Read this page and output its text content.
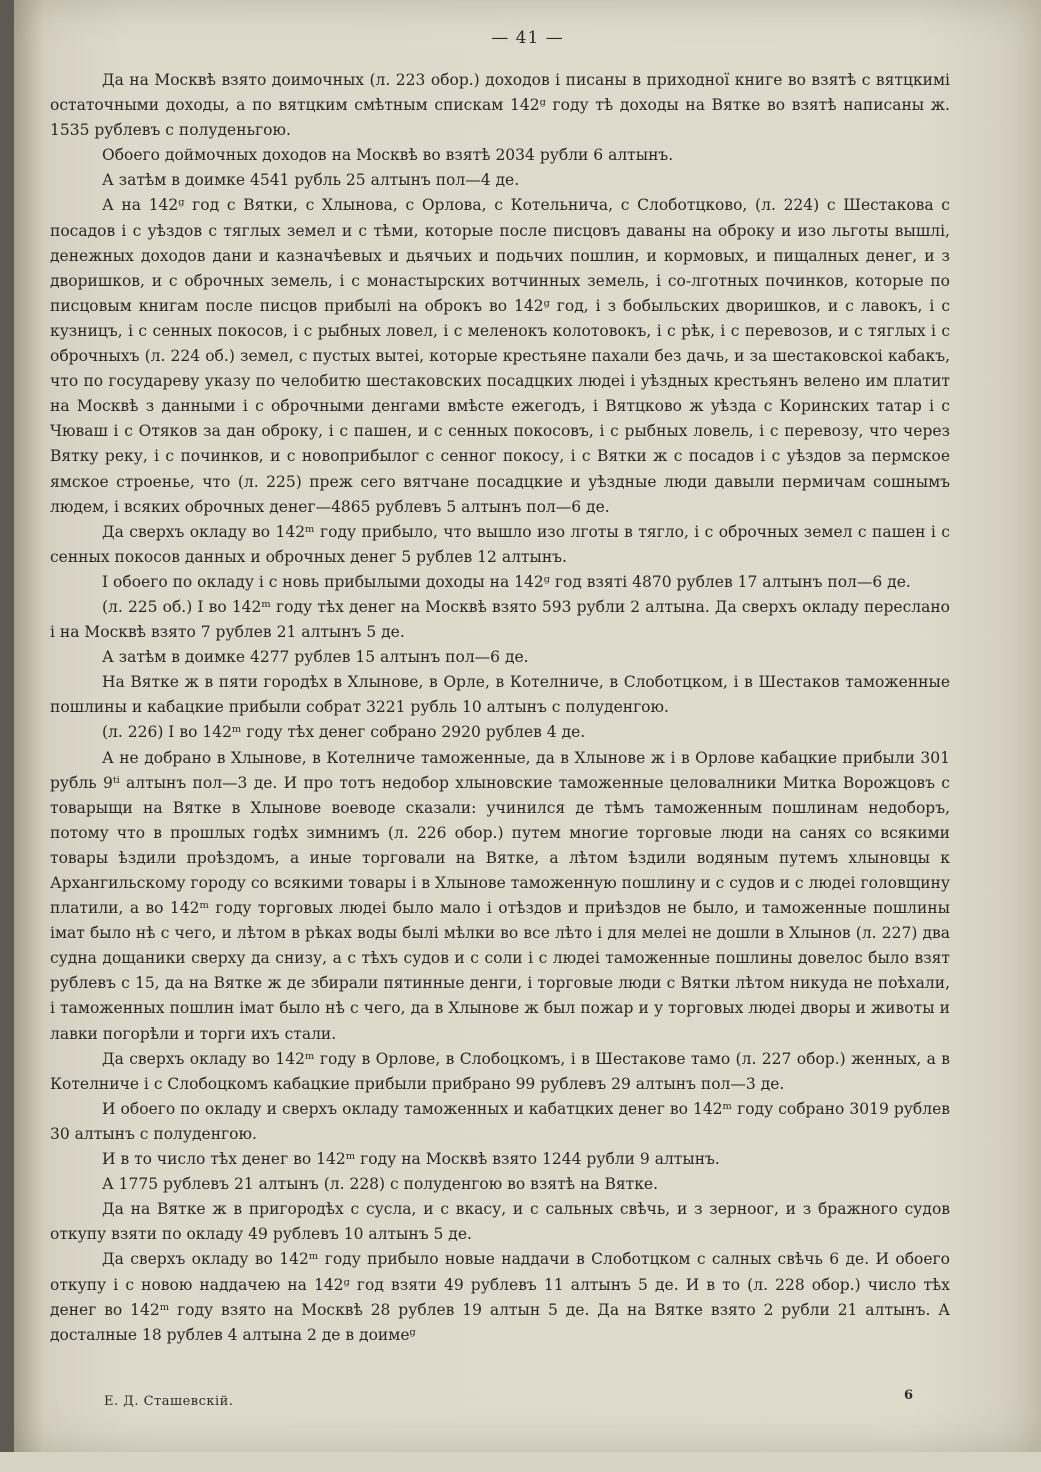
— 41 —

Да на Москвѣ взято доимочных (л. 223 обор.) доходов і писаны в приходної книге во взятѣ с вятцкимі остаточными доходы, а по вятцким смѣтным спискам 142ᵍ году тѣ доходы на Вятке во взятѣ написаны ж. 1535 рублевъ с полуденьгою.

Обоего доймочных доходов на Москвѣ во взятѣ 2034 рубли 6 алтынъ.

А затѣм в доимке 4541 рубль 25 алтынъ пол—4 де.

А на 142ᵍ год с Вятки, с Хлынова, с Орлова, с Котельнича, с Слоботцково, (л. 224) с Шестакова с посадов і с уѣздов с тяглых земел и с тѣми, которые после писцовъ даваны на оброку и изо льготы вышлі, денежных доходов дани и казначѣевых и дьячьих и подьчих пошлин, и кормовых, и пищалных денег, и з дворишков, и с оброчных земель, і с монастырских вотчинных земель, і со-лготных починков, которые по писцовым книгам после писцов прибылі на оброкъ во 142ᵍ год, і з бобыльских дворишков, и с лавокъ, і с кузницъ, і с сенных покосов, і с рыбных ловел, і с меленокъ колотовокъ, і с рѣк, і с перевозов, и с тяглых і с оброчныхъ (л. 224 об.) земел, с пустых вытеі, которые крестьяне пахали без дачь, и за шестаковскоі кабакъ, что по государеву указу по челобитю шестаковских посадцких людеі і уѣздных крестьянъ велено им платит на Москвѣ з данными і с оброчными денгами вмѣсте ежегодъ, і Вятцково ж уѣзда с Коринских татар і с Чюваш і с Отяков за дан оброку, і с пашен, и с сенных покосовъ, і с рыбных ловель, і с перевозу, что через Вятку реку, і с починков, и с новоприбылог с сенног покосу, і с Вятки ж с посадов і с уѣздов за пермское ямское строенье, что (л. 225) преж сего вятчане посадцкие и уѣздные люди давыли пермичам сошнымъ людем, і всяких оброчных денег—4865 рублевъ 5 алтынъ пол—6 де.

Да сверхъ окладу во 142ᵐ году прибыло, что вышло изо лготы в тягло, і с оброчных земел с пашен і с сенных покосов данных и оброчных денег 5 рублев 12 алтынъ.

І обоего по окладу і с новь прибылыми доходы на 142ᵍ год взятi 4870 рублев 17 алтынъ пол—6 де.

(л. 225 об.) І во 142ᵐ году тѣх денег на Москвѣ взято 593 рубли 2 алтына. Да сверхъ окладу переслано і на Москвѣ взято 7 рублев 21 алтынъ 5 де.

А затѣм в доимке 4277 рублев 15 алтынъ пол—6 де.

На Вятке ж в пяти городѣх в Хлынове, в Орле, в Котелниче, в Слоботцком, і в Шестаков таможенные пошлины и кабацкие прибыли собрат 3221 рубль 10 алтынъ с полуденгою.

(л. 226) І во 142ᵐ году тѣх денег собрано 2920 рублев 4 де.

А не добрано в Хлынове, в Котелниче таможенные, да в Хлынове ж і в Орлове кабацкие прибыли 301 рубль 9ᵗⁱ алтынъ пол—3 де. И про тотъ недобор хлыновские таможенные целовалники Митка Ворожцовъ с товарыщи на Вятке в Хлынове воеводе сказали: учинился де тѣмъ таможенным пошлинам недоборъ, потому что в прошлых годѣх зимнимъ (л. 226 обор.) путем многие торговые люди на санях со всякими товары ѣздили проѣздомъ, а иные торговали на Вятке, а лѣтом ѣздили водяным путемъ хлыновцы к Архангильскому городу со всякими товары і в Хлынове таможенную пошлину и с судов и с людеі головщину платили, а во 142ᵐ году торговых людеі было мало і отѣздов и приѣздов не было, и таможенные пошлины імат было нѣ с чего, и лѣтом в рѣках воды былі мѣлки во все лѣто і для мелеі не дошли в Хлынов (л. 227) два судна дощаники сверху да снизу, а с тѣхъ судов и с соли і с людеі таможенные пошлины довелос было взят рублевъ с 15, да на Вятке ж де збирали пятинные денги, і торговые люди с Вятки лѣтом никуда не поѣхали, і таможенных пошлин імат было нѣ с чего, да в Хлынове ж был пожар и у торговых людеі дворы и животы и лавки погорѣли и торги ихъ стали.

Да сверхъ окладу во 142ᵐ году в Орлове, в Слобоцкомъ, і в Шестакове тамо (л. 227 обор.) женных, а в Котелниче і с Слобоцкомъ кабацкие прибыли прибрано 99 рублевъ 29 алтынъ пол—3 де.

И обоего по окладу и сверхъ окладу таможенных и кабатцких денег во 142ᵐ году собрано 3019 рублев 30 алтынъ с полуденгою.

И в то число тѣх денег во 142ᵐ году на Москвѣ взято 1244 рубли 9 алтынъ.

А 1775 рублевъ 21 алтынъ (л. 228) с полуденгою во взятѣ на Вятке.

Да на Вятке ж в пригородѣх с сусла, и с вкасу, и с сальных свѣчь, и з зерноог, и з бражного судов откупу взяти по окладу 49 рублевъ 10 алтынъ 5 де.

Да сверхъ окладу во 142ᵐ году прибыло новые наддачи в Слоботцком с салных свѣчь 6 де. И обоего откупу і с новою наддачею на 142ᵍ год взяти 49 рублевъ 11 алтынъ 5 де. И в то (л. 228 обор.) число тѣх денег во 142ᵐ году взято на Москвѣ 28 рублев 19 алтын 5 де. Да на Вятке взято 2 рубли 21 алтынъ. А досталные 18 рублев 4 алтына 2 де в доимеᵍ

Е. Д. Сташевскій.	6
